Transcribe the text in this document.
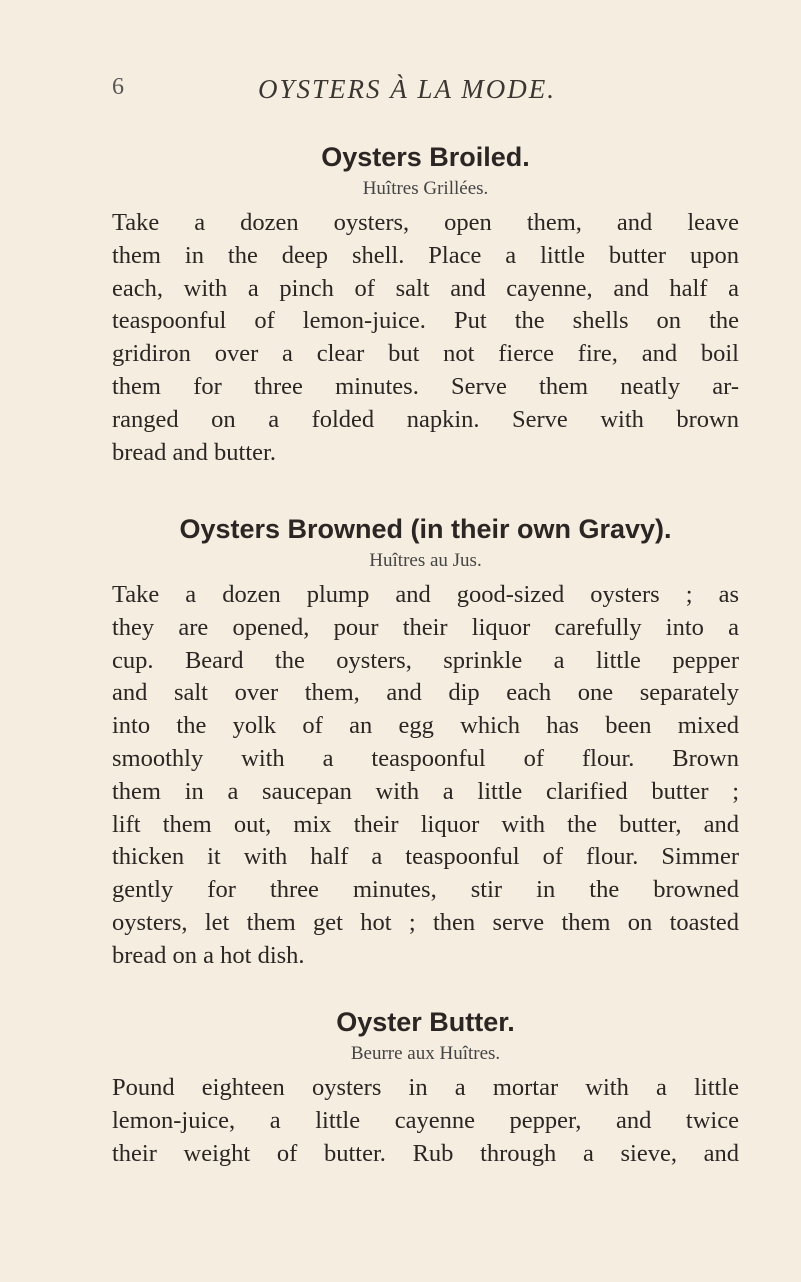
6	OYSTERS À LA MODE.
Oysters Broiled.
Huîtres Grillées.

Take a dozen oysters, open them, and leave
them in the deep shell. Place a little butter upon
each, with a pinch of salt and cayenne, and half a
teaspoonful of lemon-juice. Put the shells on the
gridiron over a clear but not fierce fire, and boil
them for three minutes. Serve them neatly ar-
ranged on a folded napkin. Serve with brown
bread and butter.

Oysters Browned (in their own Gravy).
Huîtres au Jus.

Take a dozen plump and good-sized oysters ; as
they are opened, pour their liquor carefully into a
cup. Beard the oysters, sprinkle a little pepper
and salt over them, and dip each one separately
into the yolk of an egg which has been mixed
smoothly with a teaspoonful of flour. Brown
them in a saucepan with a little clarified butter ;
lift them out, mix their liquor with the butter, and
thicken it with half a teaspoonful of flour. Simmer
gently for three minutes, stir in the browned
oysters, let them get hot ; then serve them on toasted
bread on a hot dish.

Oyster Butter.
Beurre aux Huîtres.

Pound eighteen oysters in a mortar with a little
lemon-juice, a little cayenne pepper, and twice
their weight of butter. Rub through a sieve, and
